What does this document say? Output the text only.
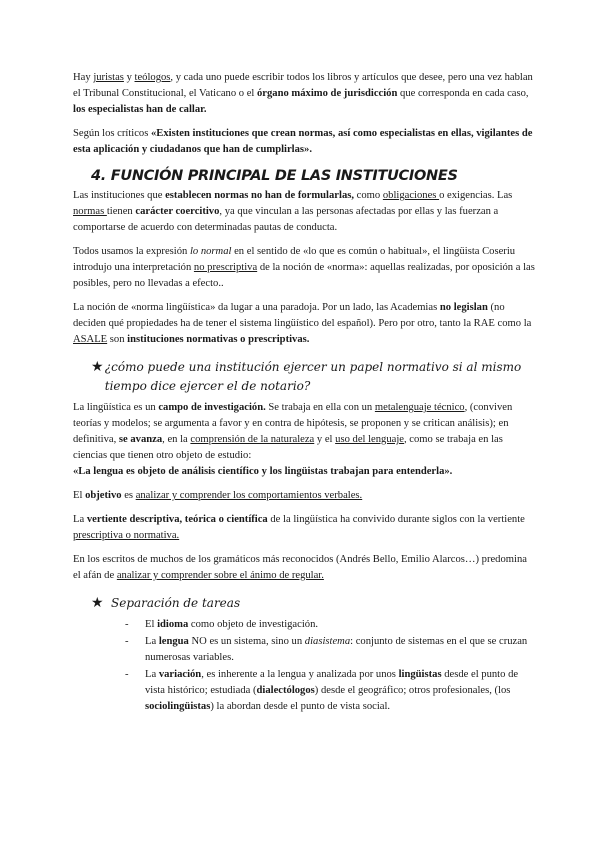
Hay juristas y teólogos, y cada uno puede escribir todos los libros y artículos que desee, pero una vez hablan el Tribunal Constitucional, el Vaticano o el órgano máximo de jurisdicción que corresponda en cada caso, los especialistas han de callar.

Según los críticos «Existen instituciones que crean normas, así como especialistas en ellas, vigilantes de esta aplicación y ciudadanos que han de cumplirlas».

4. FUNCIÓN PRINCIPAL DE LAS INSTITUCIONES

Las instituciones que establecen normas no han de formularlas, como obligaciones o exigencias. Las normas tienen carácter coercitivo, ya que vinculan a las personas afectadas por ellas y las fuerzan a comportarse de acuerdo con determinadas pautas de conducta.

Todos usamos la expresión lo normal en el sentido de «lo que es común o habitual», el lingüista Coseriu introdujo una interpretación no prescriptiva de la noción de «norma»: aquellas realizadas, por oposición a las posibles, pero no llevadas a efecto..

La noción de «norma lingüística» da lugar a una paradoja. Por un lado, las Academias no legislan (no deciden qué propiedades ha de tener el sistema lingüístico del español). Pero por otro, tanto la RAE como la ASALE son instituciones normativas o prescriptivas.

★ ¿cómo puede una institución ejercer un papel normativo si al mismo tiempo dice ejercer el de notario?

La lingüística es un campo de investigación. Se trabaja en ella con un metalenguaje técnico, (conviven teorías y modelos; se argumenta a favor y en contra de hipótesis, se proponen y se critican análisis); en definitiva, se avanza, en la comprensión de la naturaleza y el uso del lenguaje, como se trabaja en las ciencias que tienen otro objeto de estudio:
«La lengua es objeto de análisis científico y los lingüistas trabajan para entenderla».

El objetivo es analizar y comprender los comportamientos verbales.

La vertiente descriptiva, teórica o científica de la lingüística ha convivido durante siglos con la vertiente prescriptiva o normativa.

En los escritos de muchos de los gramáticos más reconocidos (Andrés Bello, Emilio Alarcos…) predomina el afán de analizar y comprender sobre el ánimo de regular.

★ Separación de tareas
- El idioma como objeto de investigación.
- La lengua NO es un sistema, sino un diasistema: conjunto de sistemas en el que se cruzan numerosas variables.
- La variación, es inherente a la lengua y analizada por unos lingüistas desde el punto de vista histórico; estudiada (dialectólogos) desde el geográfico; otros profesionales, (los sociolingüistas) la abordan desde el punto de vista social.
